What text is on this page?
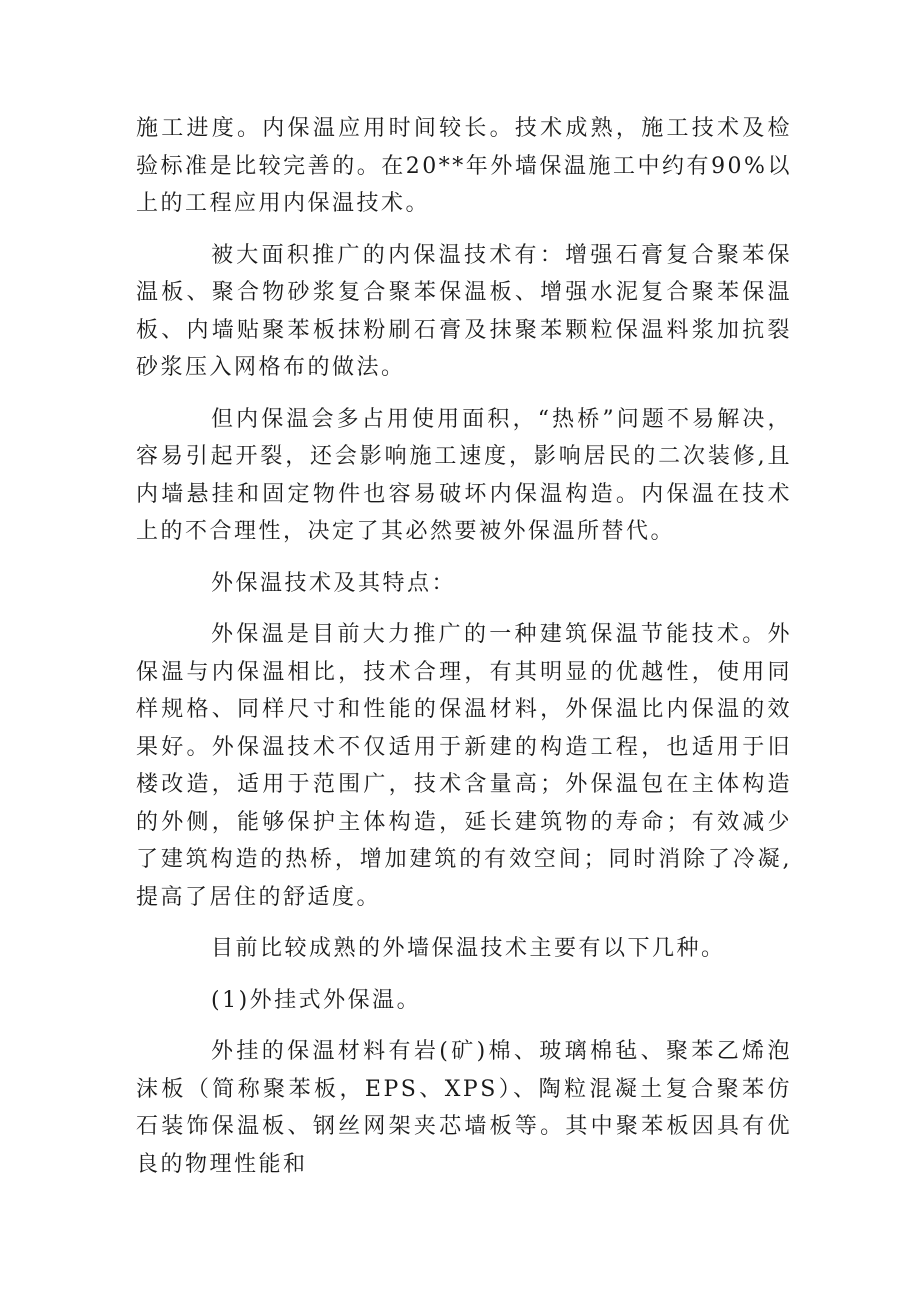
施工进度。内保温应用时间较长。技术成熟，施工技术及检验标准是比较完善的。在20**年外墙保温施工中约有90%以上的工程应用内保温技术。

被大面积推广的内保温技术有：增强石膏复合聚苯保温板、聚合物砂浆复合聚苯保温板、增强水泥复合聚苯保温板、内墙贴聚苯板抹粉刷石膏及抹聚苯颗粒保温料浆加抗裂砂浆压入网格布的做法。

但内保温会多占用使用面积，“热桥”问题不易解决，容易引起开裂，还会影响施工速度，影响居民的二次装修,且内墙悬挂和固定物件也容易破坏内保温构造。内保温在技术上的不合理性，决定了其必然要被外保温所替代。

外保温技术及其特点：

外保温是目前大力推广的一种建筑保温节能技术。外保温与内保温相比，技术合理，有其明显的优越性，使用同样规格、同样尺寸和性能的保温材料，外保温比内保温的效果好。外保温技术不仅适用于新建的构造工程，也适用于旧楼改造，适用于范围广，技术含量高；外保温包在主体构造的外侧，能够保护主体构造，延长建筑物的寿命；有效减少了建筑构造的热桥，增加建筑的有效空间；同时消除了冷凝,提高了居住的舒适度。

目前比较成熟的外墙保温技术主要有以下几种。

(1)外挂式外保温。

外挂的保温材料有岩(矿)棉、玻璃棉毡、聚苯乙烯泡沫板（简称聚苯板，EPS、XPS）、陶粒混凝土复合聚苯仿石装饰保温板、钢丝网架夹芯墙板等。其中聚苯板因具有优良的物理性能和
